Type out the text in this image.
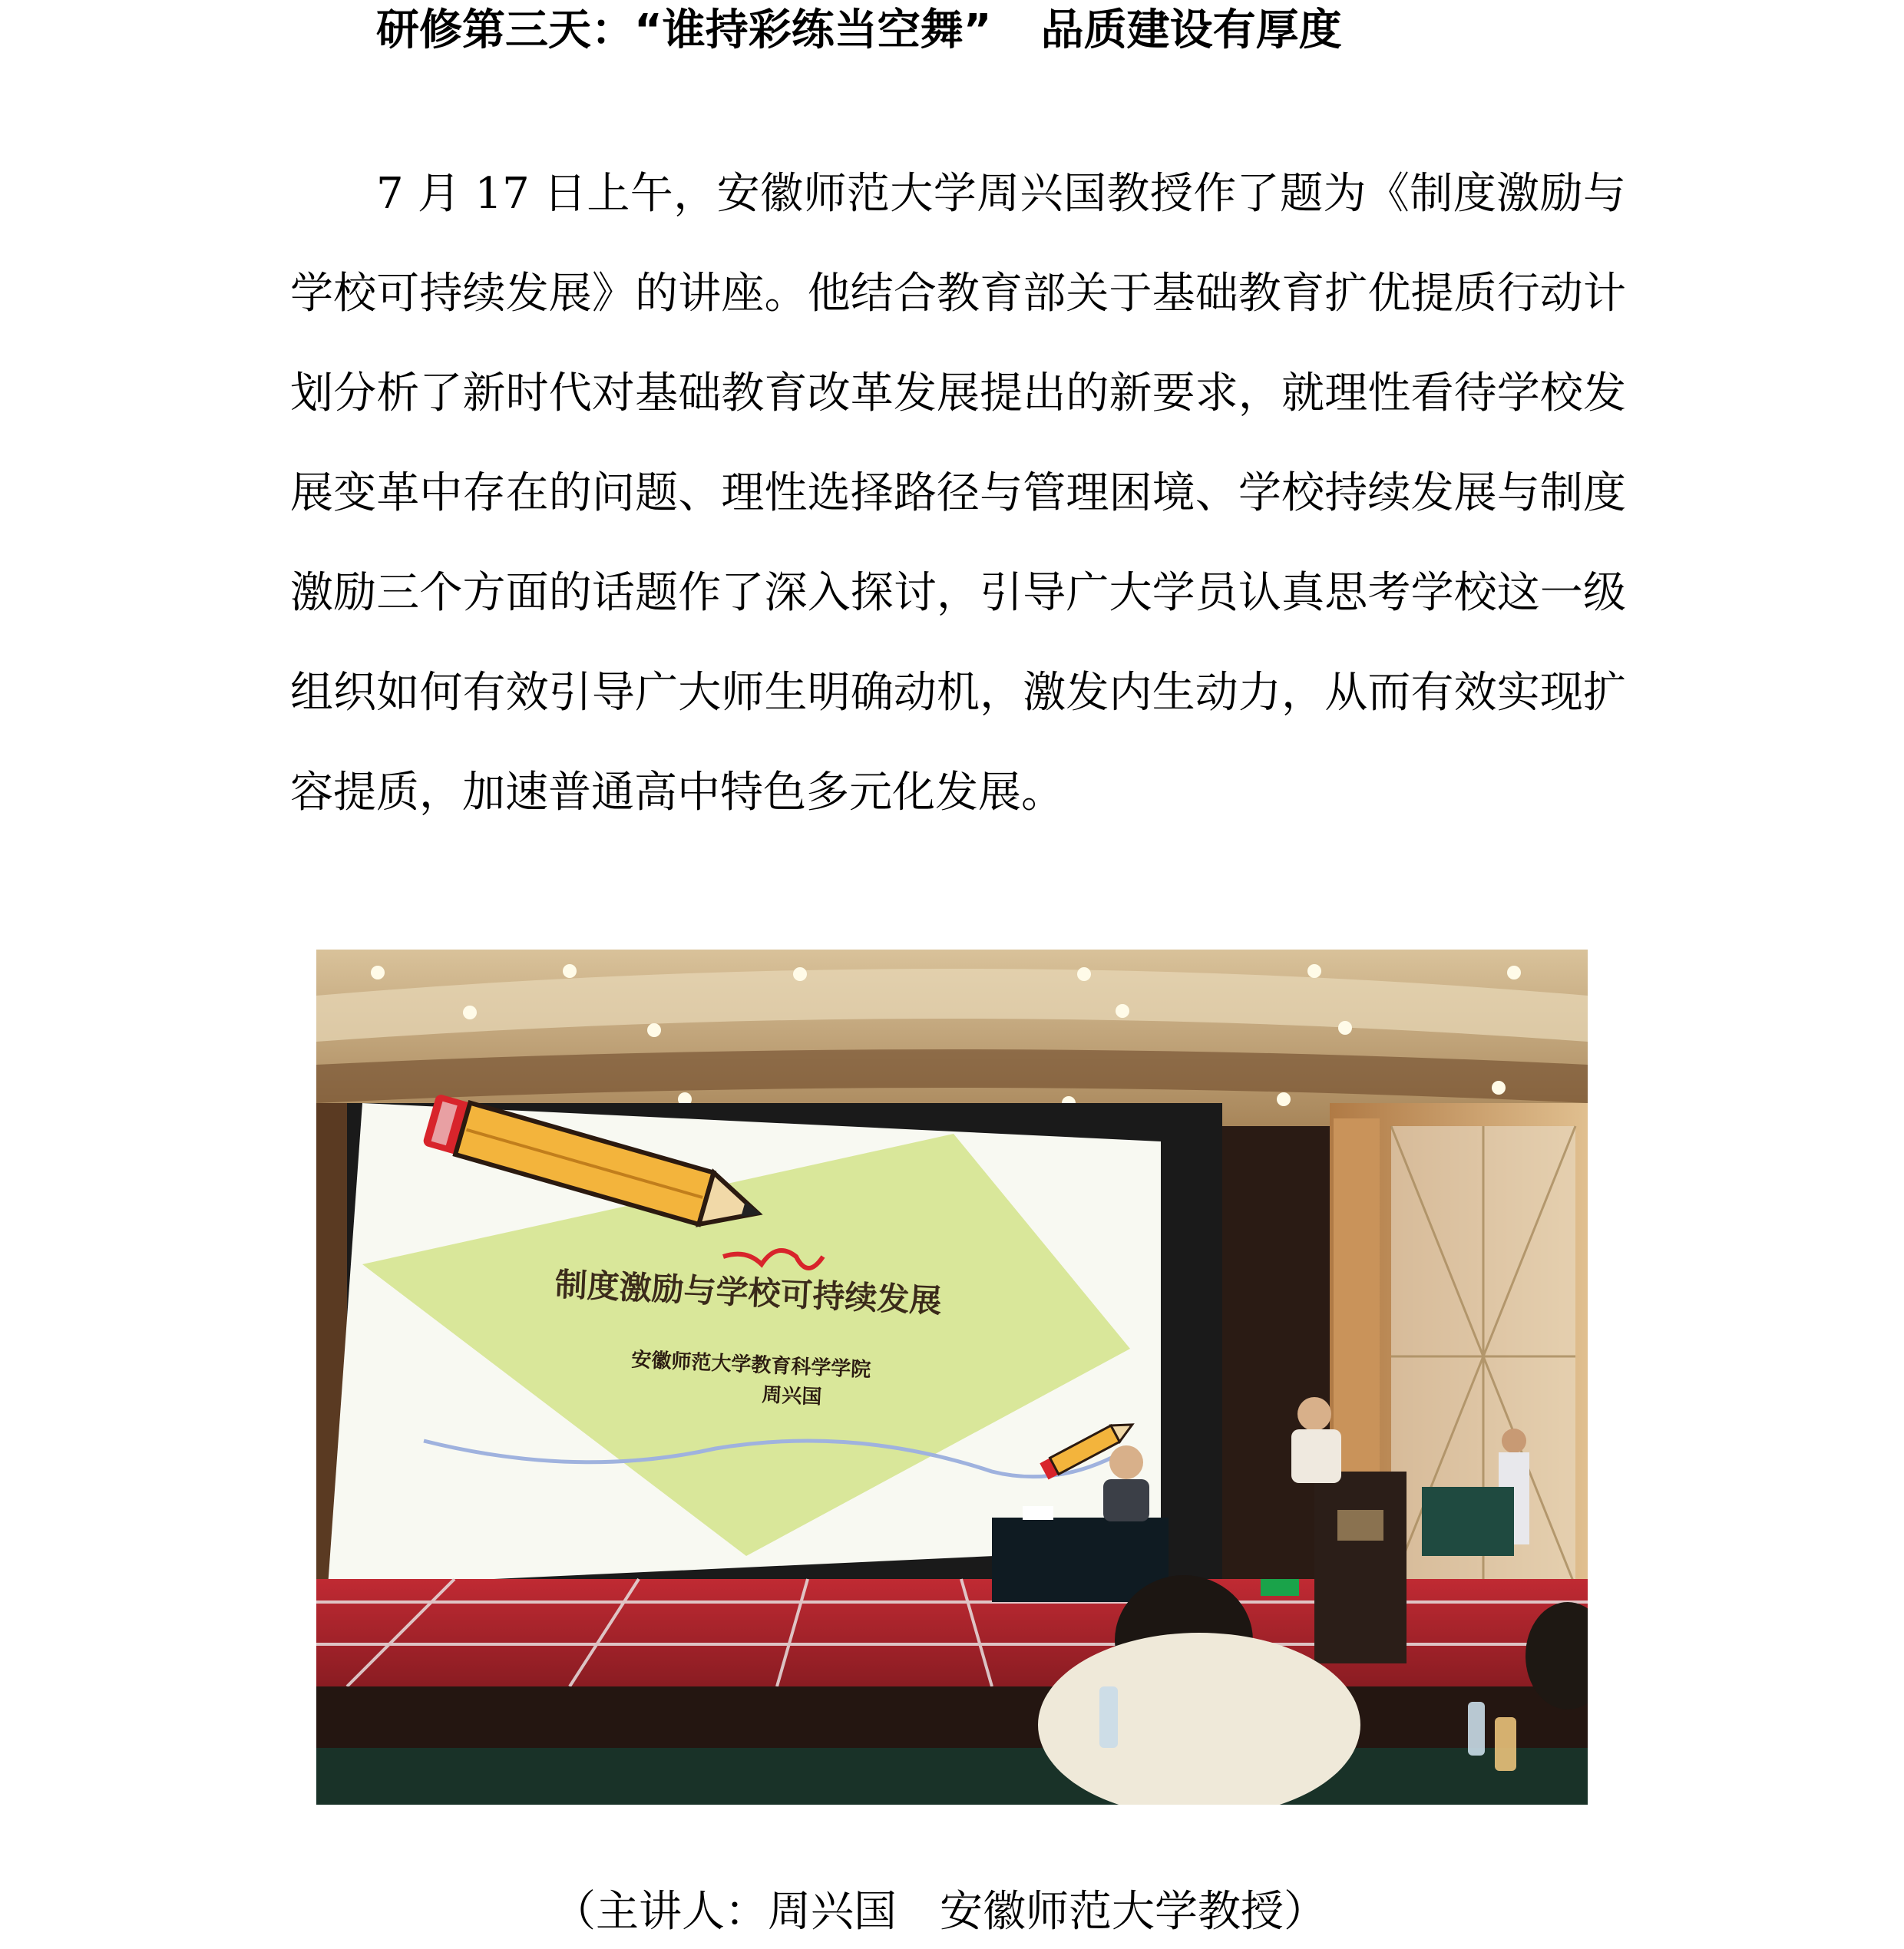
研修第三天：“谁持彩练当空舞” 品质建设有厚度

7 月 17 日上午，安徽师范大学周兴国教授作了题为《制度激励与学校可持续发展》的讲座。他结合教育部关于基础教育扩优提质行动计划分析了新时代对基础教育改革发展提出的新要求，就理性看待学校发展变革中存在的问题、理性选择路径与管理困境、学校持续发展与制度激励三个方面的话题作了深入探讨，引导广大学员认真思考学校这一级组织如何有效引导广大师生明确动机，激发内生动力，从而有效实现扩容提质，加速普通高中特色多元化发展。

制度激励与学校可持续发展
安徽师范大学教育科学学院
周兴国
（主讲人：周兴国 安徽师范大学教授）
